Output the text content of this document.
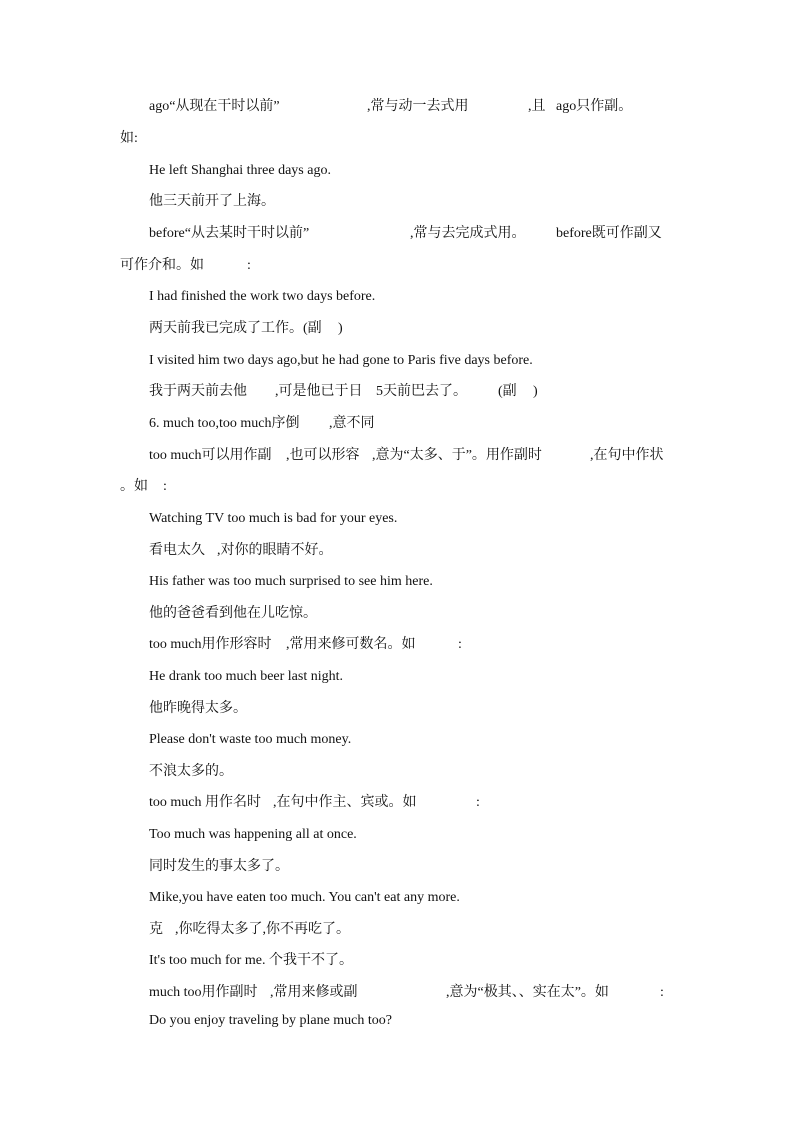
ago“从现在干时以前”

	,常与动一去式用

	,且

ago只作副。

如:
He left Shanghai three days ago.
他三天前开了上海。

before“从去某时干时以前”

	,常与去完成式用。

before既可作副又

可作介和。如

	:

I had finished the work two days before.

两天前我已完成了工作。(副

)

I visited him two days ago,but he had gone to Paris five days before.

我于两天前去他

,可是他已于日

5天前巴去了。

(副

)

6. much too,too much序倒

,意不同

too much可以用作副

,也可以形容

,意为“太多、于”。用作副时

	,在句中作状

。如

:

Watching TV too much is bad for your eyes.

看电太久

,对你的眼睛不好。

His father was too much surprised to see him here.
他的爸爸看到他在儿吃惊。

too much用作形容时

,常用来修可数名。如

	:

He drank too much beer last night.
他昨晚得太多。
Please don't waste too much money.
不浪太多的。

too much 用作名时

,在句中作主、宾或。如

	:

Too much was happening all at once.
同时发生的事太多了。
Mike,you have eaten too much. You can't eat any more.

克

,你吃得太多了,你不再吃了。

It's too much for me. 个我干不了。

much too用作副时

,常用来修或副

	,意为“极其、、实在太”。如

	:

Do you enjoy traveling by plane much too?
